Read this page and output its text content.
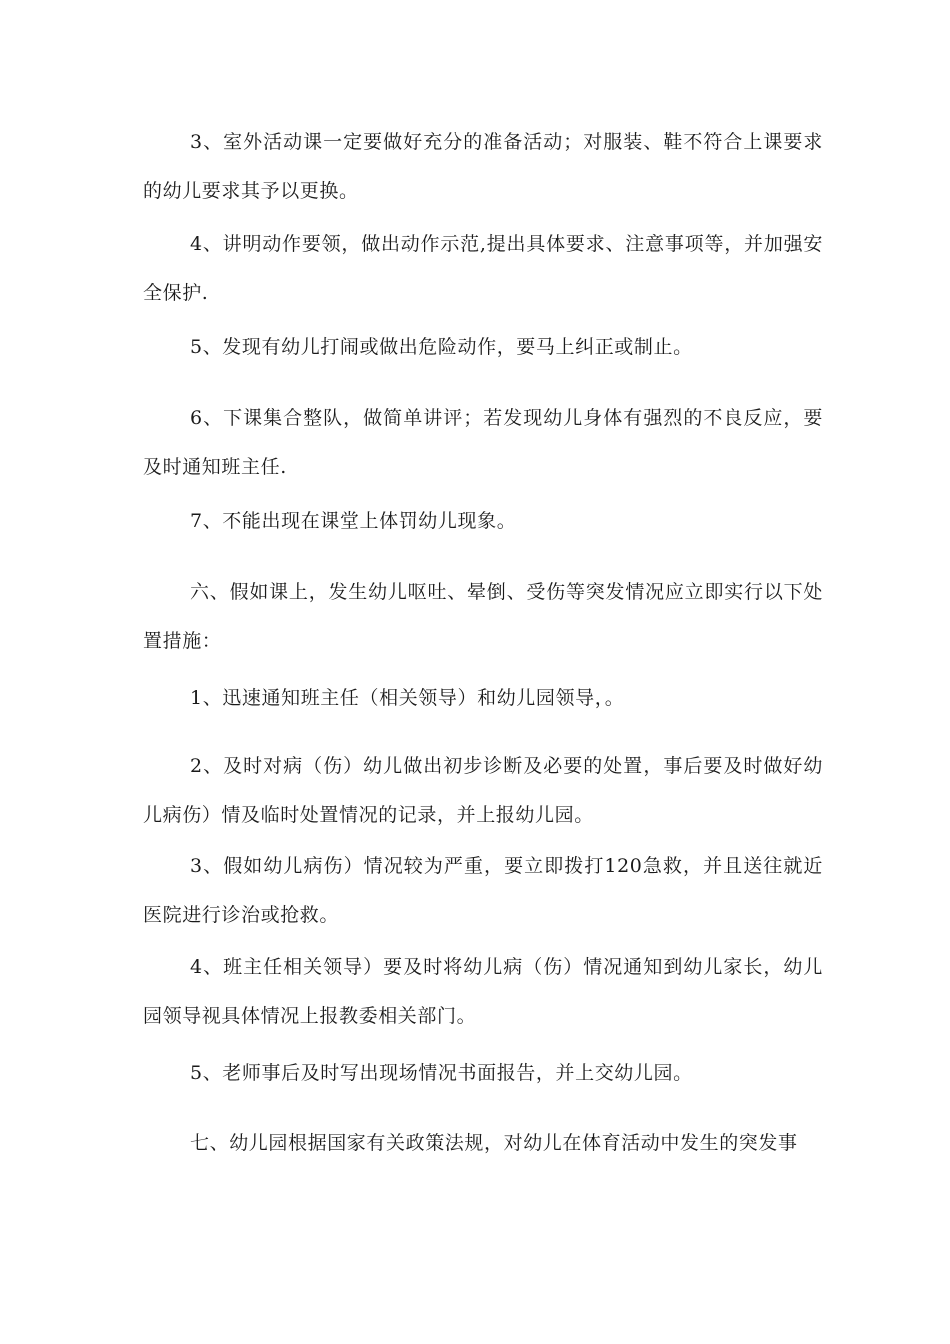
3、室外活动课一定要做好充分的准备活动；对服装、鞋不符合上课要求的幼儿要求其予以更换。

4、讲明动作要领，做出动作示范,提出具体要求、注意事项等，并加强安全保护.

5、发现有幼儿打闹或做出危险动作，要马上纠正或制止。

6、下课集合整队，做简单讲评；若发现幼儿身体有强烈的不良反应，要及时通知班主任.

7、不能出现在课堂上体罚幼儿现象。

六、假如课上，发生幼儿呕吐、晕倒、受伤等突发情况应立即实行以下处置措施：

1、迅速通知班主任（相关领导）和幼儿园领导，。

2、及时对病（伤）幼儿做出初步诊断及必要的处置，事后要及时做好幼儿病伤）情及临时处置情况的记录，并上报幼儿园。

3、假如幼儿病伤）情况较为严重，要立即拨打120急救，并且送往就近医院进行诊治或抢救。

4、班主任相关领导）要及时将幼儿病（伤）情况通知到幼儿家长，幼儿园领导视具体情况上报教委相关部门。

5、老师事后及时写出现场情况书面报告，并上交幼儿园。

七、幼儿园根据国家有关政策法规，对幼儿在体育活动中发生的突发事
